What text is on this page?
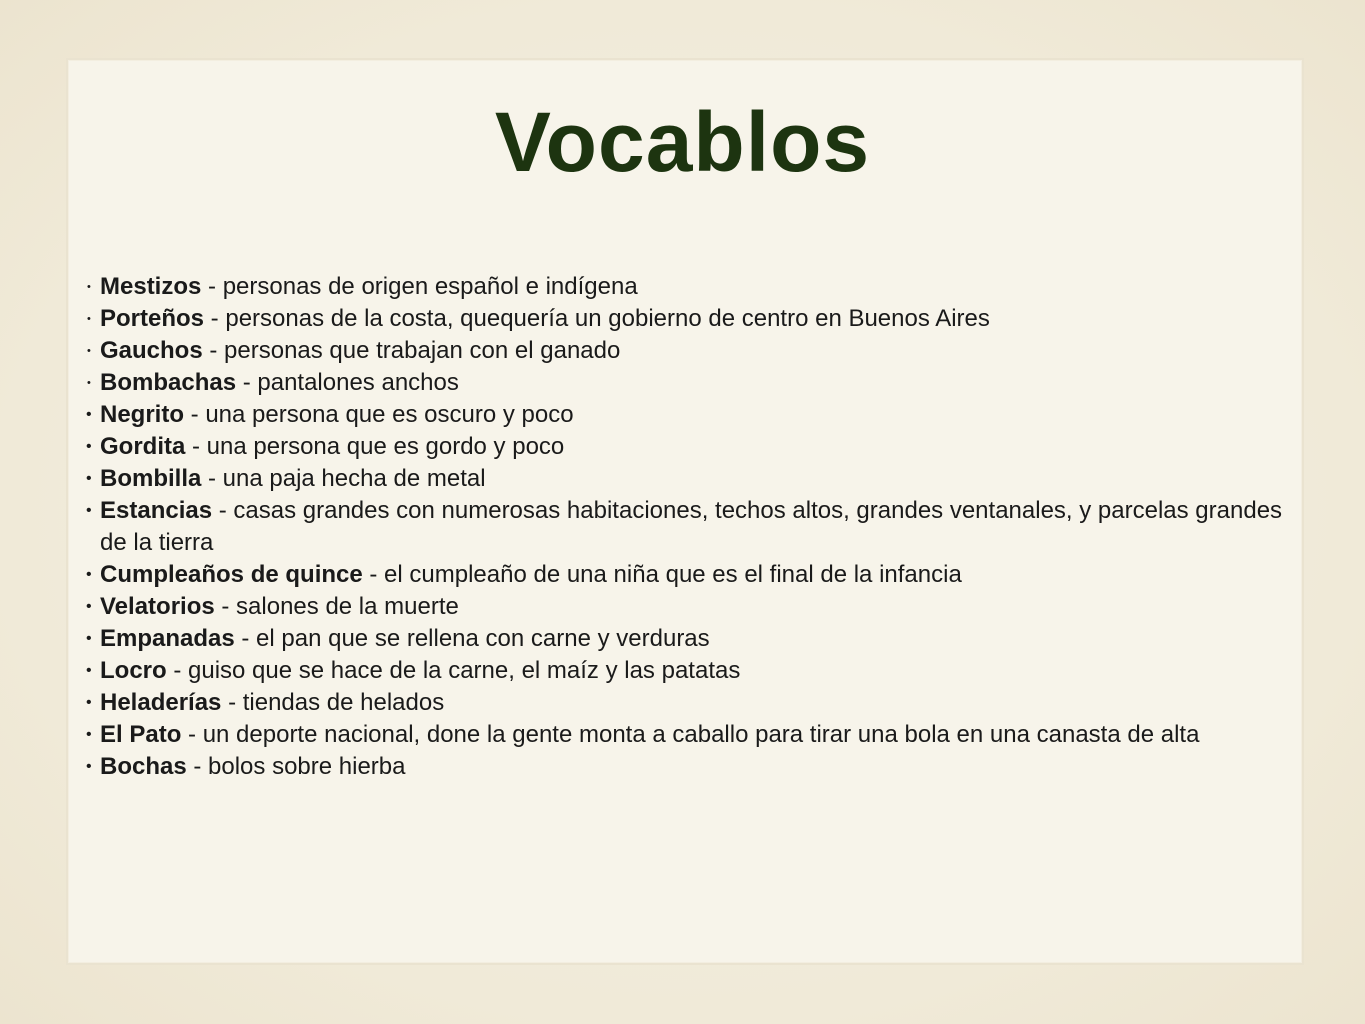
Vocablos
• Mestizos - personas de origen español e indígena
• Porteños - personas de la costa, quequería un gobierno de centro en Buenos Aires
• Gauchos - personas que trabajan con el ganado
• Bombachas - pantalones anchos
• Negrito - una persona que es oscuro y poco
• Gordita - una persona que es gordo y poco
• Bombilla - una paja hecha de metal
• Estancias - casas grandes con numerosas habitaciones, techos altos, grandes ventanales, y parcelas grandes de la tierra
• Cumpleaños de quince - el cumpleaño de una niña que es el final de la infancia
• Velatorios - salones de la muerte
• Empanadas - el pan que se rellena con carne y verduras
• Locro - guiso que se hace de la carne, el maíz y las patatas
• Heladerías - tiendas de helados
• El Pato - un deporte nacional, done la gente monta a caballo para tirar una bola en una canasta de alta
• Bochas - bolos sobre hierba
